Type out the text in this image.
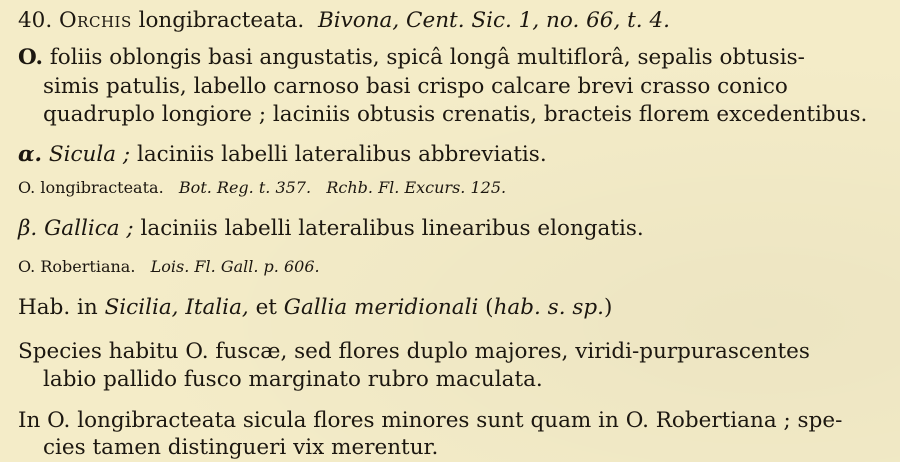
40. Orchis longibracteata. Bivona, Cent. Sic. 1, no. 66, t. 4.
O. foliis oblongis basi angustatis, spicâ longâ multiflorâ, sepalis obtusis-
simis patulis, labello carnoso basi crispo calcare brevi crasso conico
quadruplo longiore ; laciniis obtusis crenatis, bracteis florem excedentibus.
α. Sicula ; laciniis labelli lateralibus abbreviatis.
O. longibracteata. Bot. Reg. t. 357. Rchb. Fl. Excurs. 125.
β. Gallica ; laciniis labelli lateralibus linearibus elongatis.
O. Robertiana. Lois. Fl. Gall. p. 606.
Hab. in Sicilia, Italia, et Gallia meridionali (hab. s. sp.)
Species habitu O. fuscæ, sed flores duplo majores, viridi-purpurascentes
labio pallido fusco marginato rubro maculata.
In O. longibracteata sicula flores minores sunt quam in O. Robertiana ; spe-
cies tamen distingueri vix merentur.
